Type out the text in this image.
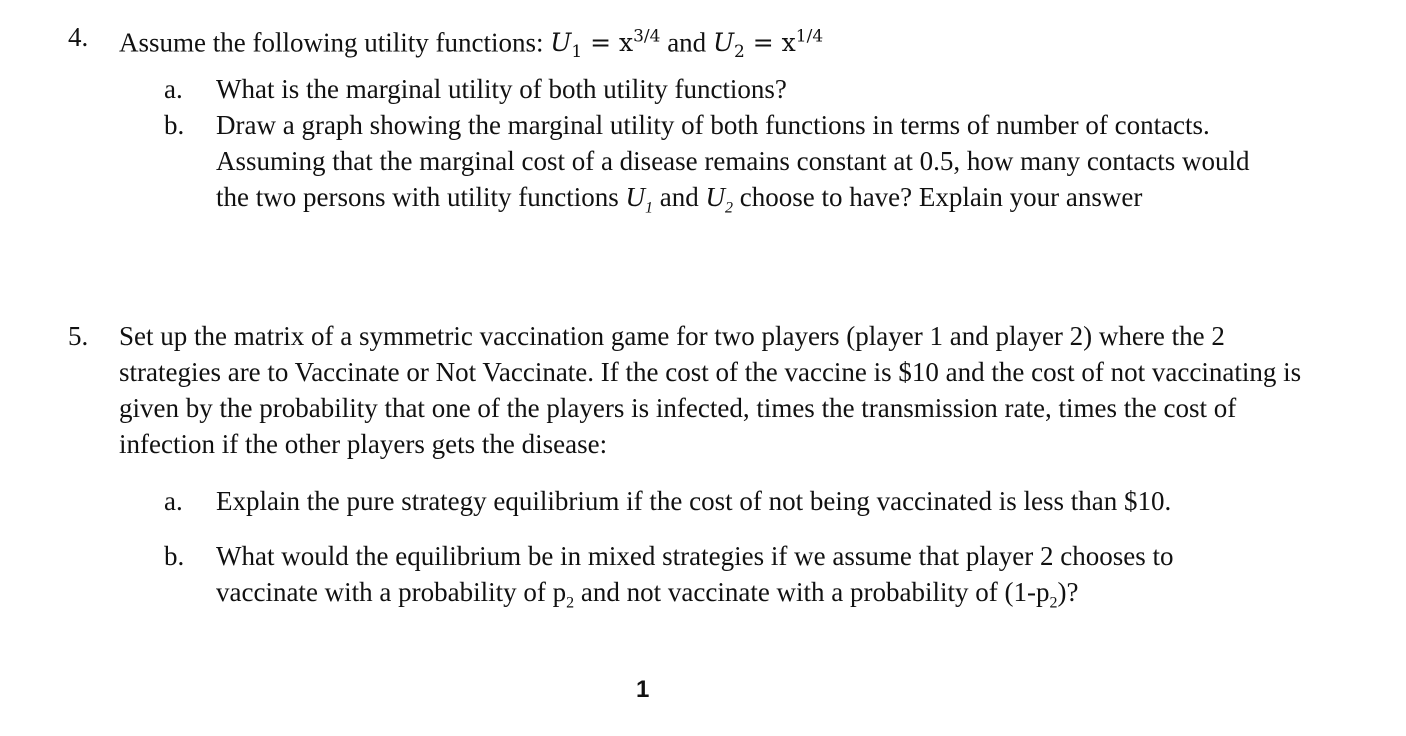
4. Assume the following utility functions: $U_1 = x^{3/4}$ and $U_2 = x^{1/4}$
a. What is the marginal utility of both utility functions?
b. Draw a graph showing the marginal utility of both functions in terms of number of contacts. Assuming that the marginal cost of a disease remains constant at 0.5, how many contacts would the two persons with utility functions $U_1$ and $U_2$ choose to have? Explain your answer
5. Set up the matrix of a symmetric vaccination game for two players (player 1 and player 2) where the 2 strategies are to Vaccinate or Not Vaccinate. If the cost of the vaccine is $10 and the cost of not vaccinating is given by the probability that one of the players is infected, times the transmission rate, times the cost of infection if the other players gets the disease:
a. Explain the pure strategy equilibrium if the cost of not being vaccinated is less than $10.
b. What would the equilibrium be in mixed strategies if we assume that player 2 chooses to vaccinate with a probability of $p_2$ and not vaccinate with a probability of $(1-p_2)$?
1
